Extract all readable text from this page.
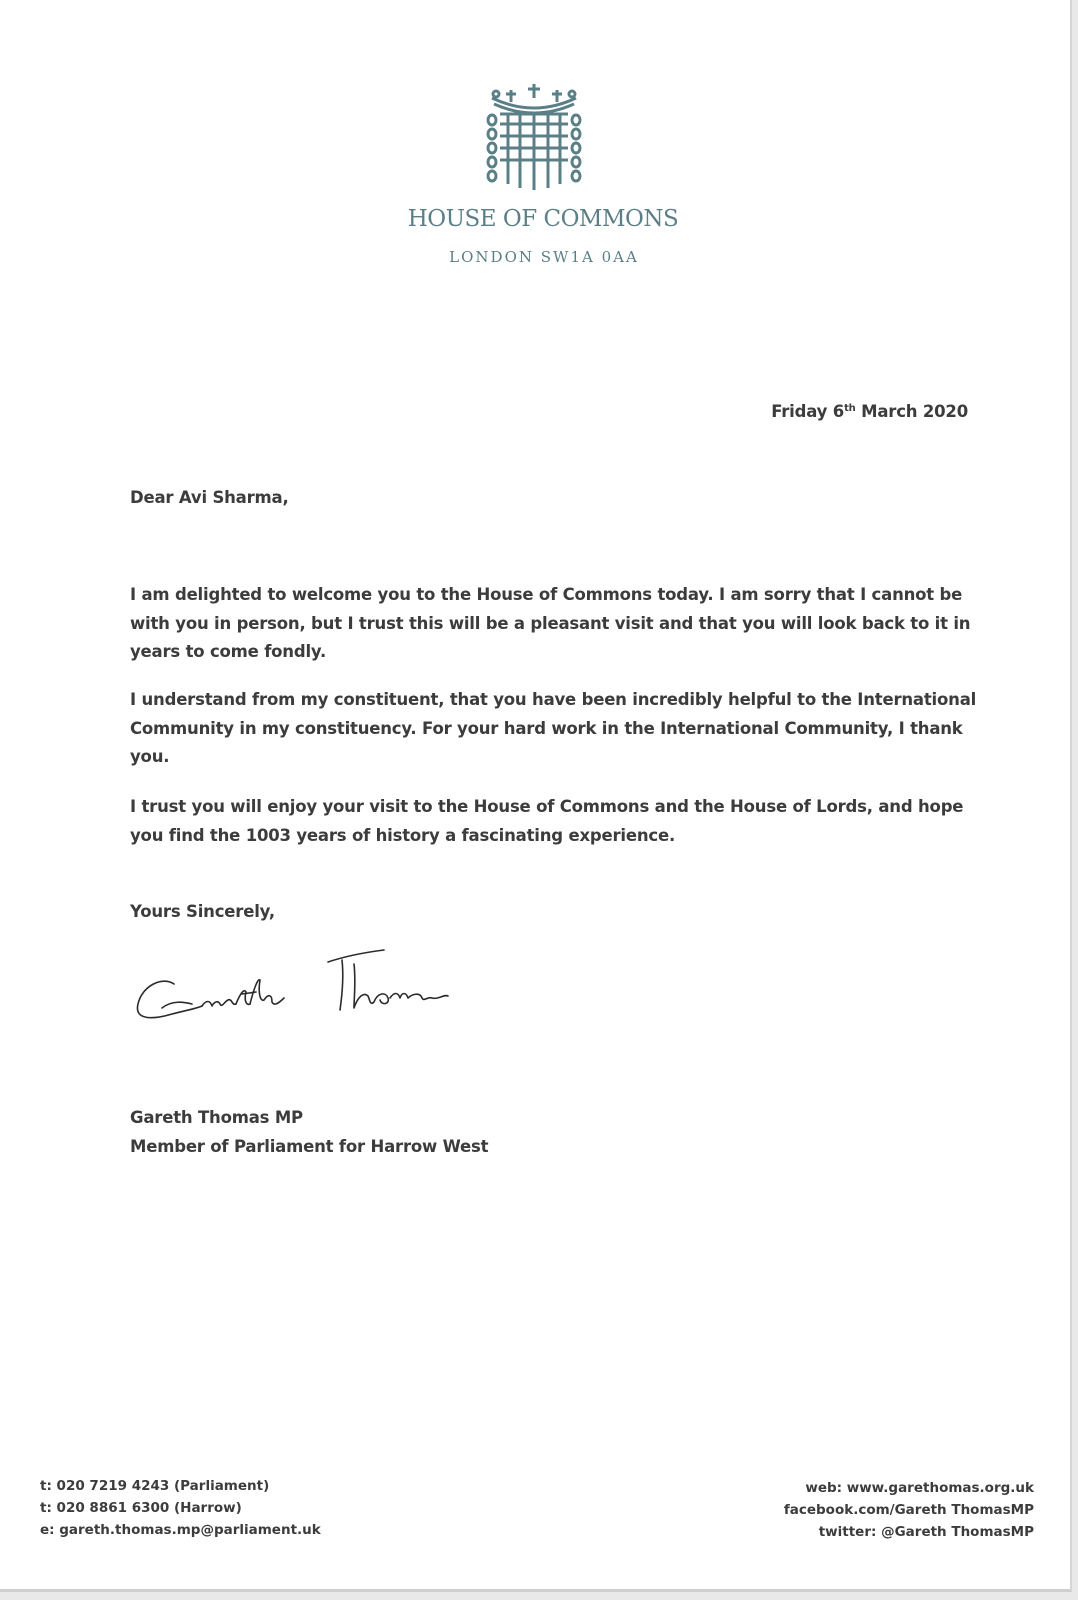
HOUSE OF COMMONS
LONDON SW1A 0AA
Friday 6th March 2020
Dear Avi Sharma,

I am delighted to welcome you to the House of Commons today. I am sorry that I cannot be with you in person, but I trust this will be a pleasant visit and that you will look back to it in years to come fondly.

I understand from my constituent, that you have been incredibly helpful to the International Community in my constituency. For your hard work in the International Community, I thank you.

I trust you will enjoy your visit to the House of Commons and the House of Lords, and hope you find the 1003 years of history a fascinating experience.

Yours Sincerely,
Gareth Thomas MP
Member of Parliament for Harrow West
t: 020 7219 4243 (Parliament)
t: 020 8861 6300 (Harrow)
e: gareth.thomas.mp@parliament.uk
web: www.garethomas.org.uk
facebook.com/Gareth ThomasMP
twitter: @Gareth ThomasMP
